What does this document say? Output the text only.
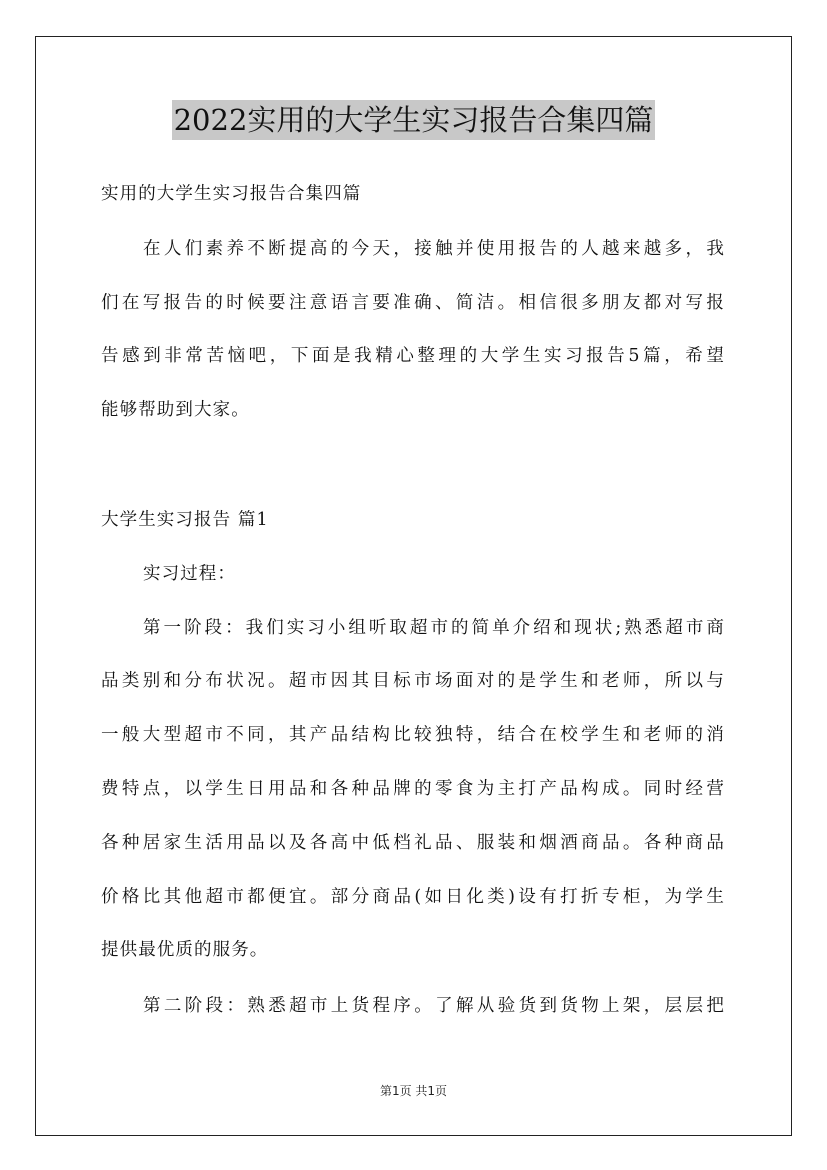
2022实用的大学生实习报告合集四篇
实用的大学生实习报告合集四篇
在人们素养不断提高的今天，接触并使用报告的人越来越多，我
们在写报告的时候要注意语言要准确、简洁。相信很多朋友都对写报
告感到非常苦恼吧，下面是我精心整理的大学生实习报告5篇，希望
能够帮助到大家。
大学生实习报告 篇1
实习过程：
第一阶段：我们实习小组听取超市的简单介绍和现状;熟悉超市商
品类别和分布状况。超市因其目标市场面对的是学生和老师，所以与
一般大型超市不同，其产品结构比较独特，结合在校学生和老师的消
费特点，以学生日用品和各种品牌的零食为主打产品构成。同时经营
各种居家生活用品以及各高中低档礼品、服装和烟酒商品。各种商品
价格比其他超市都便宜。部分商品(如日化类)设有打折专柜，为学生
提供最优质的服务。
第二阶段：熟悉超市上货程序。了解从验货到货物上架，层层把
第1页 共1页
